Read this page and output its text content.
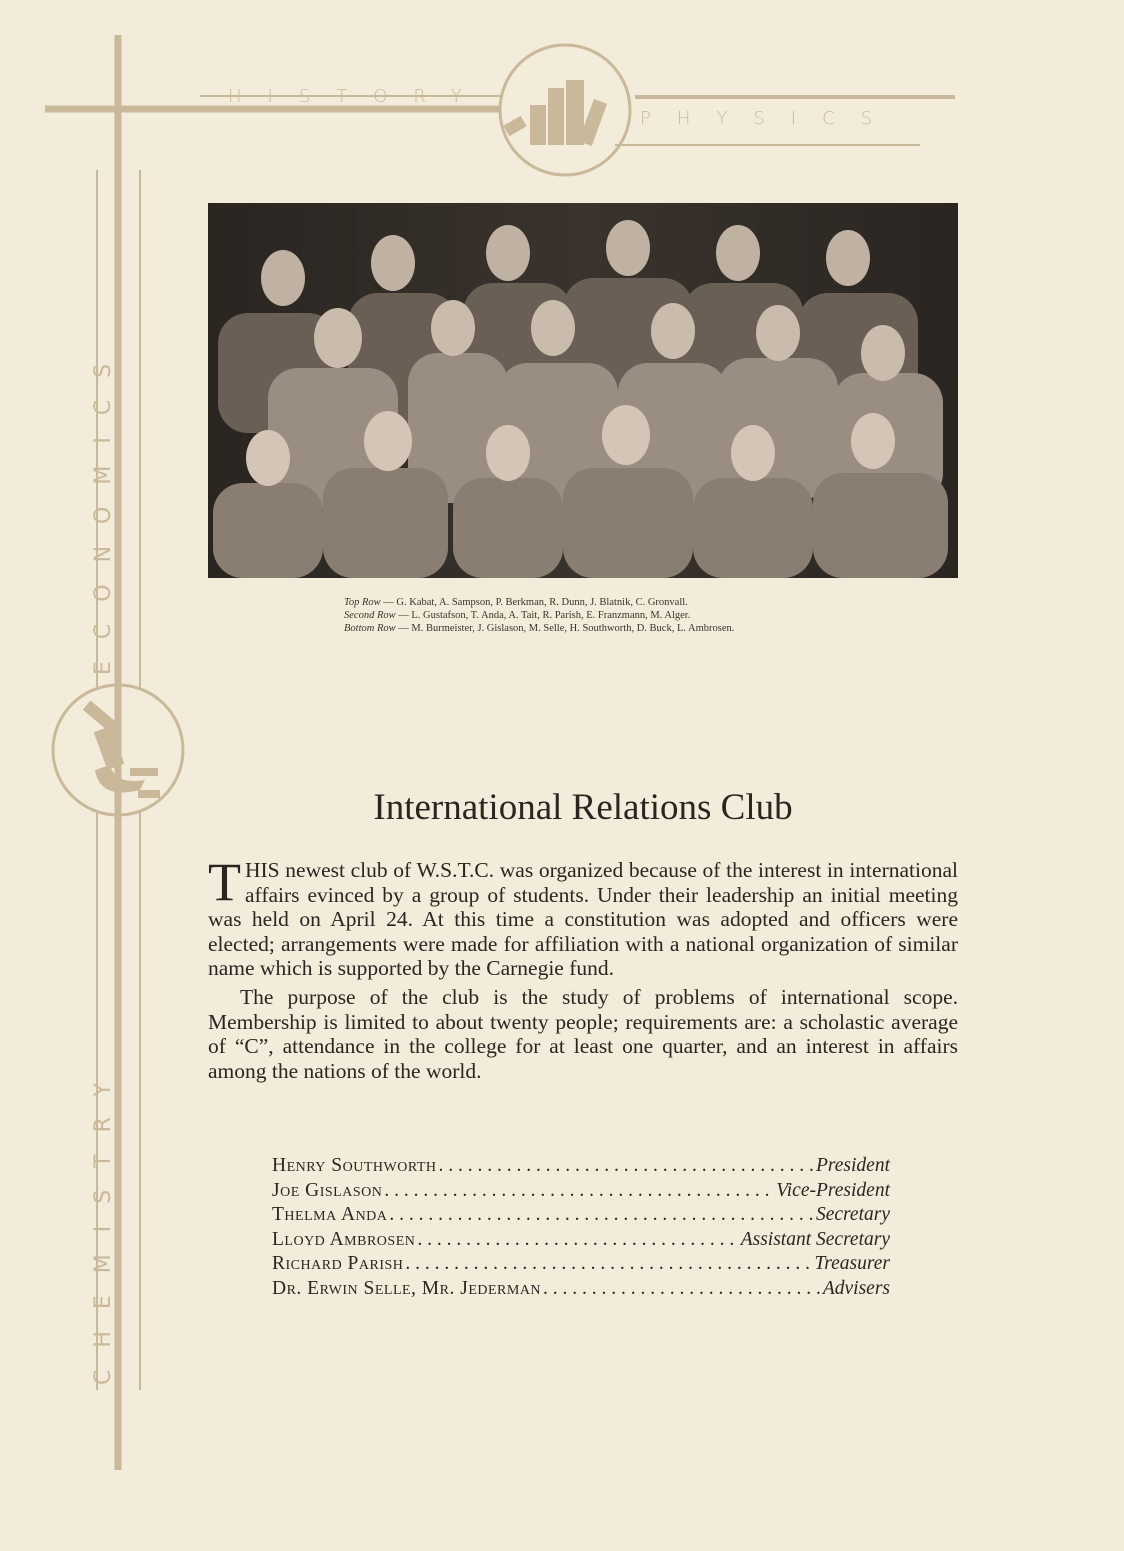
HISTORY
PHYSICS
ECONOMICS
CHEMISTRY
Top Row — G. Kabat, A. Sampson, P. Berkman, R. Dunn, J. Blatnik, C. Gronvall.
Second Row — L. Gustafson, T. Anda, A. Tait, R. Parish, E. Franzmann, M. Alger.
Bottom Row — M. Burmeister, J. Gislason, M. Selle, H. Southworth, D. Buck, L. Ambrosen.
International Relations Club

THIS newest club of W.S.T.C. was organized because of the interest in international affairs evinced by a group of students. Under their leadership an initial meeting was held on April 24. At this time a constitution was adopted and officers were elected; arrangements were made for affiliation with a national organization of similar name which is supported by the Carnegie fund.

The purpose of the club is the study of problems of international scope. Membership is limited to about twenty people; requirements are: a scholastic average of “C”, attendance in the college for at least one quarter, and an interest in affairs among the nations of the world.

Henry Southworth . . .	President
Joe Gislason . . .	Vice-President
Thelma Anda . . .	Secretary
Lloyd Ambrosen . . .	Assistant Secretary
Richard Parish . . .	Treasurer
Dr. Erwin Selle, Mr. Jederman . . .	Advisers
